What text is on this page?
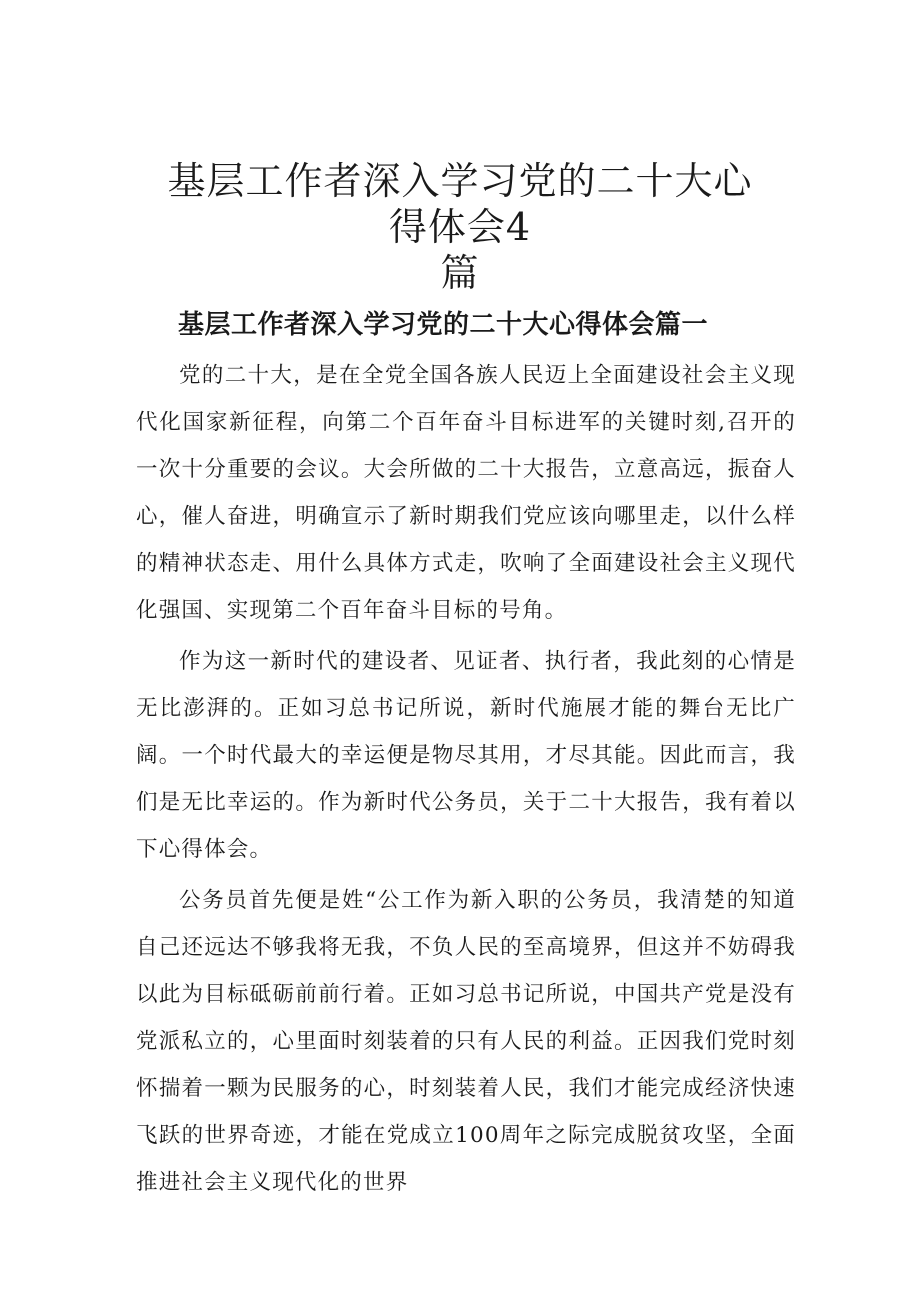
基层工作者深入学习党的二十大心得体会4
篇
基层工作者深入学习党的二十大心得体会篇一

党的二十大，是在全党全国各族人民迈上全面建设社会主义现代化国家新征程，向第二个百年奋斗目标进军的关键时刻,召开的一次十分重要的会议。大会所做的二十大报告，立意高远，振奋人心，催人奋进，明确宣示了新时期我们党应该向哪里走，以什么样的精神状态走、用什么具体方式走，吹响了全面建设社会主义现代化强国、实现第二个百年奋斗目标的号角。

作为这一新时代的建设者、见证者、执行者，我此刻的心情是无比澎湃的。正如习总书记所说，新时代施展才能的舞台无比广阔。一个时代最大的幸运便是物尽其用，才尽其能。因此而言，我们是无比幸运的。作为新时代公务员，关于二十大报告，我有着以下心得体会。

公务员首先便是姓“公工作为新入职的公务员，我清楚的知道自己还远达不够我将无我，不负人民的至高境界，但这并不妨碍我以此为目标砥砺前前行着。正如习总书记所说，中国共产党是没有党派私立的，心里面时刻装着的只有人民的利益。正因我们党时刻怀揣着一颗为民服务的心，时刻装着人民，我们才能完成经济快速飞跃的世界奇迹，才能在党成立100周年之际完成脱贫攻坚，全面推进社会主义现代化的世界
